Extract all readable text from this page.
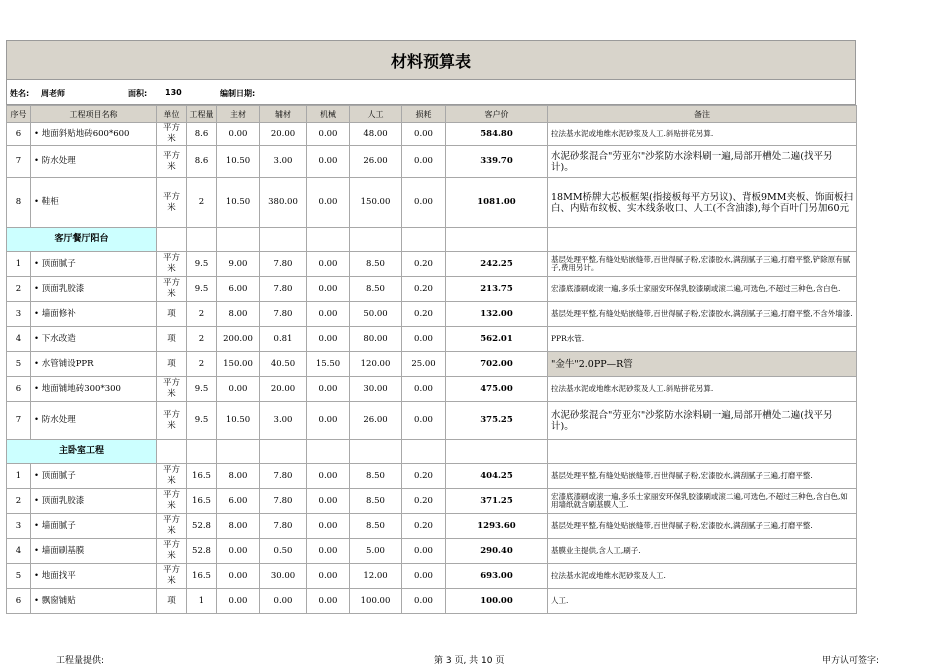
材料预算表
姓名: 周老师	面积: 130	编制日期:
序号	工程项目名称	单位	工程量	主材	辅材	机械	人工	损耗	客户价	备注
6	• 地面斜贴地砖600*600	平方米	8.6	0.00	20.00	0.00	48.00	0.00	584.80	拉法基水泥或地维水泥砂浆及人工.斜贴拼花另算.
7	• 防水处理	平方米	8.6	10.50	3.00	0.00	26.00	0.00	339.70	水泥砂浆混合"劳亚尔"沙浆防水涂料刷一遍,局部开槽处二遍(找平另计)。
8	• 鞋柜	平方米	2	10.50	380.00	0.00	150.00	0.00	1081.00	18MM桥牌大芯板框架(指接板每平方另议)、背板9MM夹板、饰面板扫白、内贴布纹板、实木线条收口、人工(不含油漆),每个百叶门另加60元
客厅餐厅阳台										
1	• 顶面腻子	平方米	9.5	9.00	7.80	0.00	8.50	0.20	242.25	基层处理平整,有缝处贴嵌缝带,百世得腻子粉,宏漆胶水,满刮腻子三遍,打磨平整,铲除原有腻子,费用另计。
2	• 顶面乳胶漆	平方米	9.5	6.00	7.80	0.00	8.50	0.20	213.75	宏漆底漆刷或滚一遍,多乐士家丽安环保乳胶漆刷或滚二遍,可选色,不超过三种色,含白色.
3	• 墙面修补	项	2	8.00	7.80	0.00	50.00	0.20	132.00	基层处理平整,有缝处贴嵌缝带,百世得腻子粉,宏漆胶水,满刮腻子三遍,打磨平整,不含外墙漆.
4	• 下水改造	项	2	200.00	0.81	0.00	80.00	0.00	562.01	PPR水管.
5	• 水管铺设PPR	项	2	150.00	40.50	15.50	120.00	25.00	702.00	"金牛"2.0PP—R管
6	• 地面铺地砖300*300	平方米	9.5	0.00	20.00	0.00	30.00	0.00	475.00	拉法基水泥或地维水泥砂浆及人工.斜贴拼花另算.
7	• 防水处理	平方米	9.5	10.50	3.00	0.00	26.00	0.00	375.25	水泥砂浆混合"劳亚尔"沙浆防水涂料刷一遍,局部开槽处二遍(找平另计)。
主卧室工程										
1	• 顶面腻子	平方米	16.5	8.00	7.80	0.00	8.50	0.20	404.25	基层处理平整,有缝处贴嵌缝带,百世得腻子粉,宏漆胶水,满刮腻子三遍,打磨平整.
2	• 顶面乳胶漆	平方米	16.5	6.00	7.80	0.00	8.50	0.20	371.25	宏漆底漆刷或滚一遍,多乐士家丽安环保乳胶漆刷或滚二遍,可选色,不超过三种色,含白色,如用墙纸就含刷基膜人工.
3	• 墙面腻子	平方米	52.8	8.00	7.80	0.00	8.50	0.20	1293.60	基层处理平整,有缝处贴嵌缝带,百世得腻子粉,宏漆胶水,满刮腻子三遍,打磨平整.
4	• 墙面刷基膜	平方米	52.8	0.00	0.50	0.00	5.00	0.00	290.40	基膜业主提供,含人工,刷子.
5	• 地面找平	平方米	16.5	0.00	30.00	0.00	12.00	0.00	693.00	拉法基水泥或地维水泥砂浆及人工.
6	• 飘窗铺贴	项	1	0.00	0.00	0.00	100.00	0.00	100.00	人工.
工程量提供:	第 3 页, 共 10 页	甲方认可签字:
